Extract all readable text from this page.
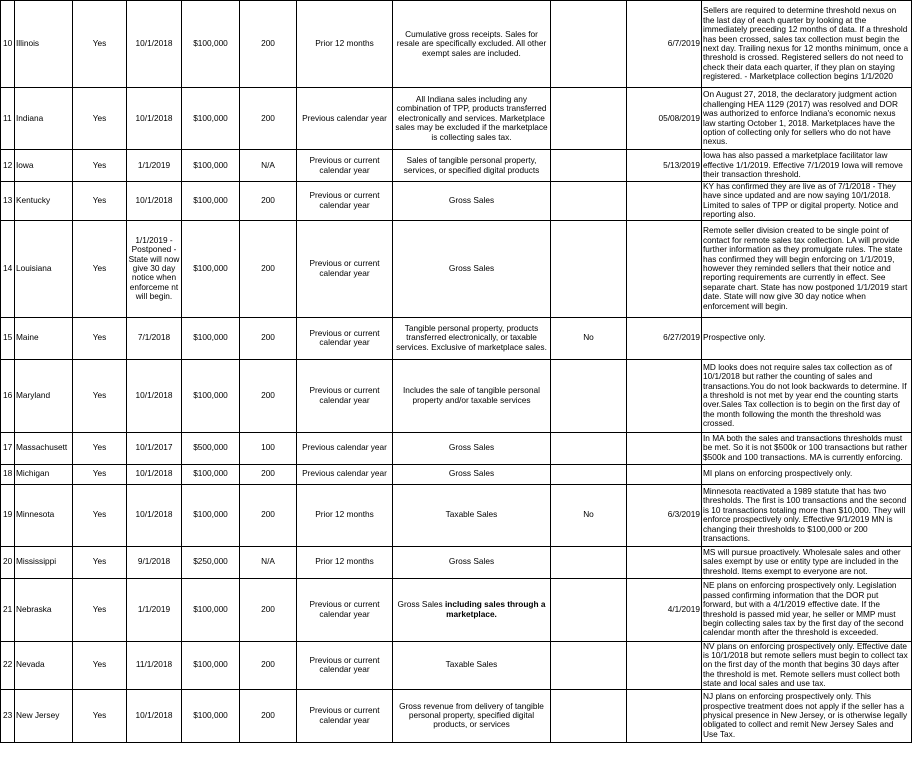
10	Illinois	Yes	10/1/2018	$100,000	200	Prior 12 months	Cumulative gross receipts. Sales for resale are specifically excluded. All other exempt sales are included.		6/7/2019	Sellers are required to determine threshold nexus on the last day of each quarter by looking at the immediately preceding 12 months of data. If a threshold has been crossed, sales tax collection must begin the next day. Trailing nexus for 12 months minimum, once a threshold is crossed. Registered sellers do not need to check their data each quarter, if they plan on staying registered. - Marketplace collection begins 1/1/2020
11	Indiana	Yes	10/1/2018	$100,000	200	Previous calendar year	All Indiana sales including any combination of TPP, products transferred electronically and services. Marketplace sales may be excluded if the marketplace is collecting sales tax.		05/08/2019	On August 27, 2018, the declaratory judgment action challenging HEA 1129 (2017) was resolved and DOR was authorized to enforce Indiana's economic nexus law starting October 1, 2018. Marketplaces have the option of collecting only for sellers who do not have nexus.
12	Iowa	Yes	1/1/2019	$100,000	N/A	Previous or current calendar year	Sales of tangible personal property, services, or specified digital products		5/13/2019	Iowa has also passed a marketplace facilitator law effective 1/1/2019. Effective 7/1/2019 Iowa will remove their transaction threshold.
13	Kentucky	Yes	10/1/2018	$100,000	200	Previous or current calendar year	Gross Sales			KY has confirmed they are live as of 7/1/2018 - They have since updated and are now saying 10/1/2018. Limited to sales of TPP or digital property. Notice and reporting also.
14	Louisiana	Yes	1/1/2019 - Postponed - State will now give 30 day notice when enforceme nt will begin.	$100,000	200	Previous or current calendar year	Gross Sales			Remote seller division created to be single point of contact for remote sales tax collection. LA will provide further information as they promulgate rules. The state has confirmed they will begin enforcing on 1/1/2019, however they reminded sellers that their notice and reporting requirements are currently in effect. See separate chart. State has now postponed 1/1/2019 start date. State will now give 30 day notice when enforcement will begin.
15	Maine	Yes	7/1/2018	$100,000	200	Previous or current calendar year	Tangible personal property, products transferred electronically, or taxable services. Exclusive of marketplace sales.	No	6/27/2019	Prospective only.
16	Maryland	Yes	10/1/2018	$100,000	200	Previous or current calendar year	Includes the sale of tangible personal property and/or taxable services			MD looks does not require sales tax collection as of 10/1/2018 but rather the counting of sales and transactions.You do not look backwards to determine. If a threshold is not met by year end the counting starts over.Sales Tax collection is to begin on the first day of the month following the month the threshold was crossed.
17	Massachusett	Yes	10/1/2017	$500,000	100	Previous calendar year	Gross Sales			In MA both the sales and transactions thresholds must be met. So it is not $500k or 100 transactions but rather $500k and 100 transactions. MA is currently enforcing.
18	Michigan	Yes	10/1/2018	$100,000	200	Previous calendar year	Gross Sales			MI plans on enforcing prospectively only.
19	Minnesota	Yes	10/1/2018	$100,000	200	Prior 12 months	Taxable Sales	No	6/3/2019	Minnesota reactivated a 1989 statute that has two thresholds. The first is 100 transactions and the second is 10 transactions totaling more than $10,000. They will enforce prospectively only. Effective 9/1/2019 MN is changing their thresholds to $100,000 or 200 transactions.
20	Mississippi	Yes	9/1/2018	$250,000	N/A	Prior 12 months	Gross Sales			MS will pursue proactively. Wholesale sales and other sales exempt by use or entity type are included in the threshold. Items exempt to everyone are not.
21	Nebraska	Yes	1/1/2019	$100,000	200	Previous or current calendar year	Gross Sales including sales through a marketplace.		4/1/2019	NE plans on enforcing prospectively only. Legislation passed confirming information that the DOR put forward, but with a 4/1/2019 effective date. If the threshold is passed mid year, he seller or MMP must begin collecting sales tax by the first day of the second calendar month after the threshold is exceeded.
22	Nevada	Yes	11/1/2018	$100,000	200	Previous or current calendar year	Taxable Sales			NV plans on enforcing prospectively only. Effective date is 10/1/2018 but remote sellers must begin to collect tax on the first day of the month that begins 30 days after the threshold is met. Remote sellers must collect both state and local sales and use tax.
23	New Jersey	Yes	10/1/2018	$100,000	200	Previous or current calendar year	Gross revenue from delivery of tangible personal property, specified digital products, or services			NJ plans on enforcing prospectively only. This prospective treatment does not apply if the seller has a physical presence in New Jersey, or is otherwise legally obligated to collect and remit New Jersey Sales and Use Tax.
